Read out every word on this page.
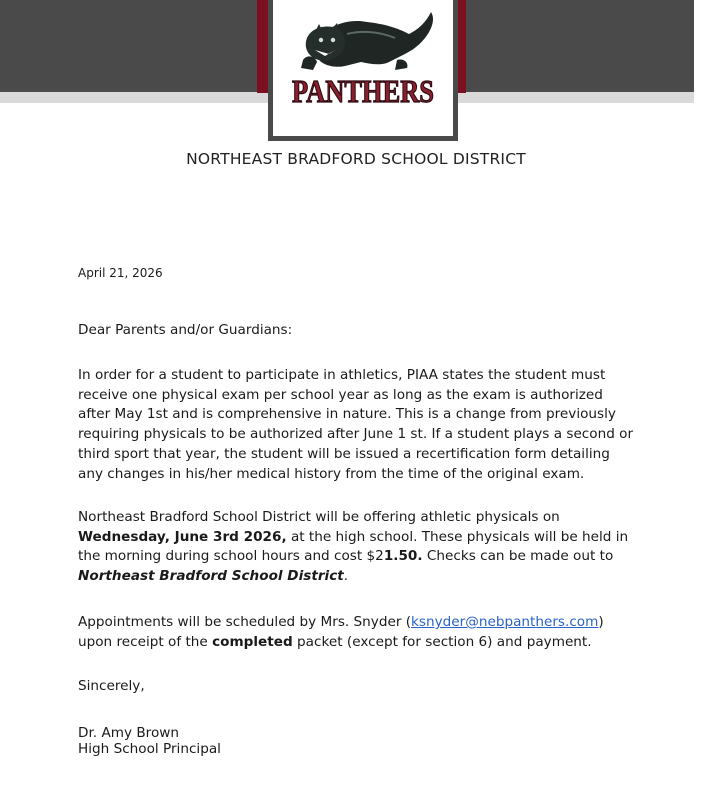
PANTHERS
NORTHEAST BRADFORD SCHOOL DISTRICT
April 21, 2026
Dear Parents and/or Guardians:
In order for a student to participate in athletics, PIAA states the student must receive one physical exam per school year as long as the exam is authorized after May 1st and is comprehensive in nature. This is a change from previously requiring physicals to be authorized after June 1 st. If a student plays a second or third sport that year, the student will be issued a recertification form detailing any changes in his/her medical history from the time of the original exam.
Northeast Bradford School District will be offering athletic physicals on Wednesday, June 3rd 2026, at the high school. These physicals will be held in the morning during school hours and cost $21.50. Checks can be made out to Northeast Bradford School District.
Appointments will be scheduled by Mrs. Snyder (ksnyder@nebpanthers.com) upon receipt of the completed packet (except for section 6) and payment.
Sincerely,
Dr. Amy Brown
High School Principal
